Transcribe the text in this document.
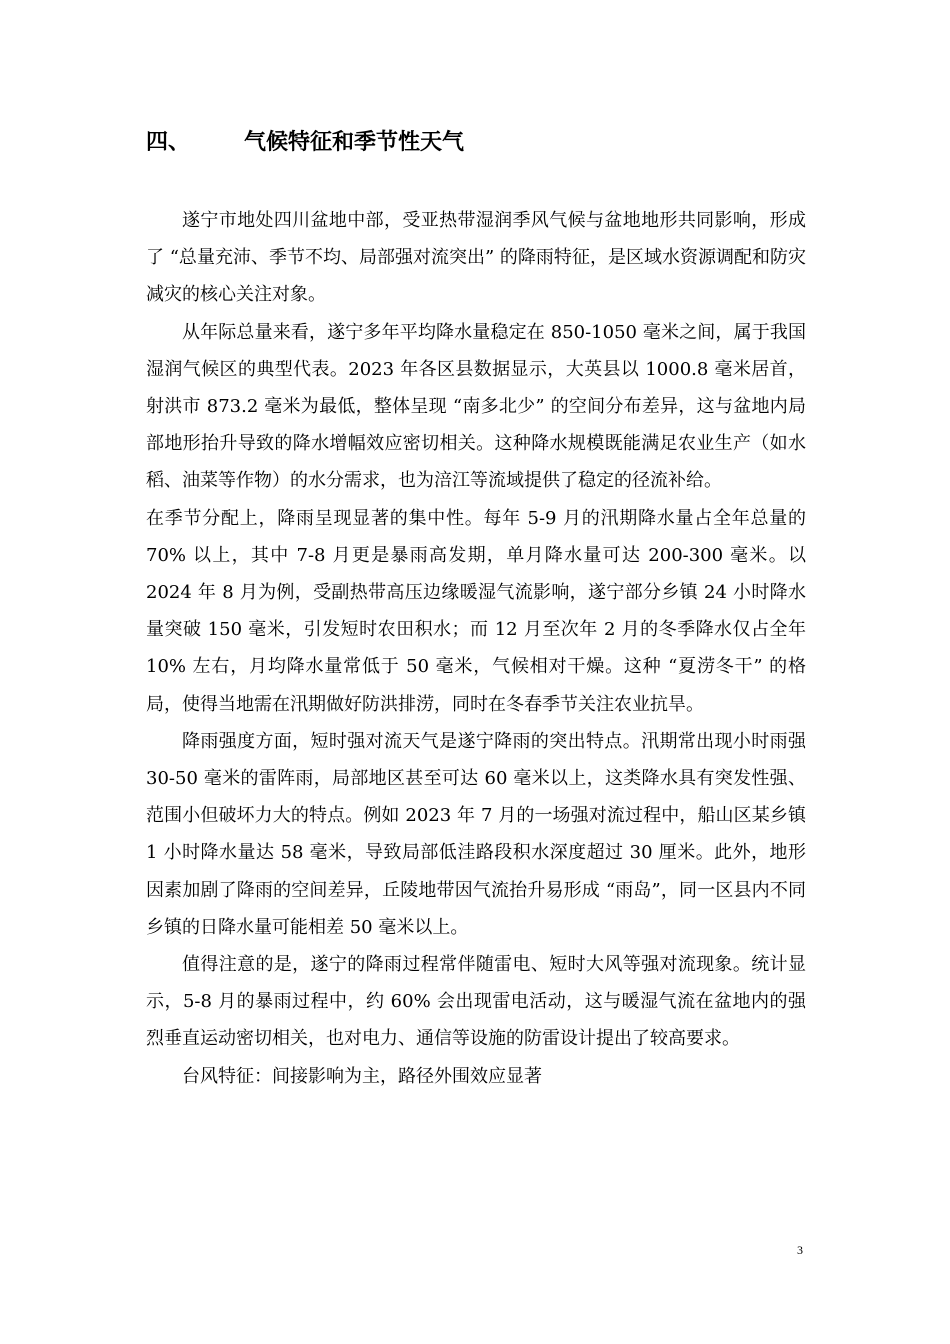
四、 气候特征和季节性天气

遂宁市地处四川盆地中部，受亚热带湿润季风气候与盆地地形共同影响，形成了 “总量充沛、季节不均、局部强对流突出” 的降雨特征，是区域水资源调配和防灾减灾的核心关注对象。

从年际总量来看，遂宁多年平均降水量稳定在 850-1050 毫米之间，属于我国湿润气候区的典型代表。2023 年各区县数据显示，大英县以 1000.8 毫米居首，射洪市 873.2 毫米为最低，整体呈现 “南多北少” 的空间分布差异，这与盆地内局部地形抬升导致的降水增幅效应密切相关。这种降水规模既能满足农业生产（如水稻、油菜等作物）的水分需求，也为涪江等流域提供了稳定的径流补给。

在季节分配上，降雨呈现显著的集中性。每年 5-9 月的汛期降水量占全年总量的 70% 以上，其中 7-8 月更是暴雨高发期，单月降水量可达 200-300 毫米。以 2024 年 8 月为例，受副热带高压边缘暖湿气流影响，遂宁部分乡镇 24 小时降水量突破 150 毫米，引发短时农田积水；而 12 月至次年 2 月的冬季降水仅占全年 10% 左右，月均降水量常低于 50 毫米，气候相对干燥。这种 “夏涝冬干” 的格局，使得当地需在汛期做好防洪排涝，同时在冬春季节关注农业抗旱。

降雨强度方面，短时强对流天气是遂宁降雨的突出特点。汛期常出现小时雨强 30-50 毫米的雷阵雨，局部地区甚至可达 60 毫米以上，这类降水具有突发性强、范围小但破坏力大的特点。例如 2023 年 7 月的一场强对流过程中，船山区某乡镇 1 小时降水量达 58 毫米，导致局部低洼路段积水深度超过 30 厘米。此外，地形因素加剧了降雨的空间差异，丘陵地带因气流抬升易形成 “雨岛”，同一区县内不同乡镇的日降水量可能相差 50 毫米以上。

值得注意的是，遂宁的降雨过程常伴随雷电、短时大风等强对流现象。统计显示，5-8 月的暴雨过程中，约 60% 会出现雷电活动，这与暖湿气流在盆地内的强烈垂直运动密切相关，也对电力、通信等设施的防雷设计提出了较高要求。

台风特征：间接影响为主，路径外围效应显著

3
